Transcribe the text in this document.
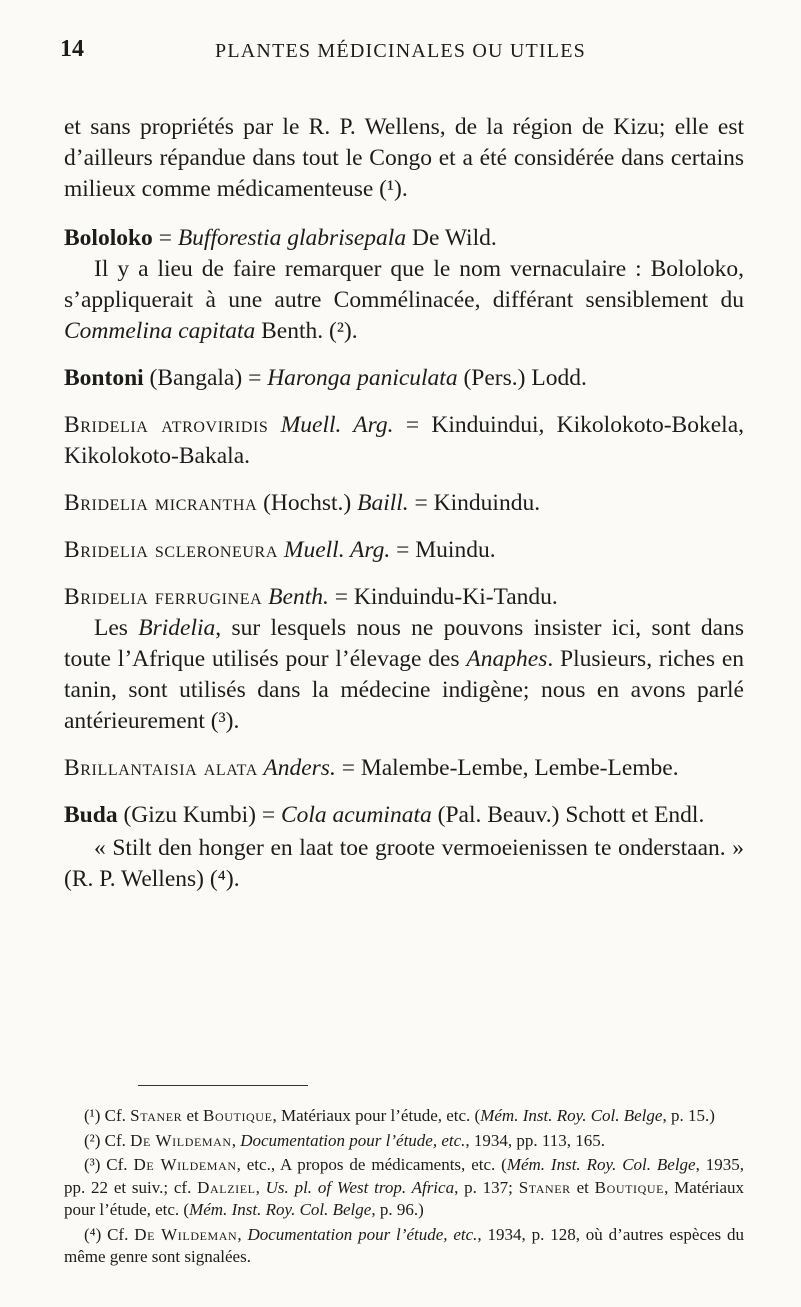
14	PLANTES MÉDICINALES OU UTILES

et sans propriétés par le R. P. Wellens, de la région de Kizu; elle est d’ailleurs répandue dans tout le Congo et a été considérée dans certains milieux comme médicamenteuse (¹).

Bololoko = Bufforestia glabrisepala De Wild.

Il y a lieu de faire remarquer que le nom vernaculaire : Bololoko, s’appliquerait à une autre Commélinacée, différant sensiblement du Commelina capitata Benth. (²).

Bontoni (Bangala) = Haronga paniculata (Pers.) Lodd.

Bridelia atroviridis Muell. Arg. = Kinduindui, Kikolokoto-Bokela, Kikolokoto-Bakala.

Bridelia micrantha (Hochst.) Baill. = Kinduindu.

Bridelia scleroneura Muell. Arg. = Muindu.

Bridelia ferruginea Benth. = Kinduindu-Ki-Tandu.

Les Bridelia, sur lesquels nous ne pouvons insister ici, sont dans toute l’Afrique utilisés pour l’élevage des Anaphes. Plusieurs, riches en tanin, sont utilisés dans la médecine indigène; nous en avons parlé antérieurement (³).

Brillantaisia alata Anders. = Malembe-Lembe, Lembe-Lembe.

Buda (Gizu Kumbi) = Cola acuminata (Pal. Beauv.) Schott et Endl.

« Stilt den honger en laat toe groote vermoeienissen te onderstaan. » (R. P. Wellens) (⁴).

(¹) Cf. Staner et Boutique, Matériaux pour l’étude, etc. (Mém. Inst. Roy. Col. Belge, p. 15.)

(²) Cf. De Wildeman, Documentation pour l’étude, etc., 1934, pp. 113, 165.

(³) Cf. De Wildeman, etc., A propos de médicaments, etc. (Mém. Inst. Roy. Col. Belge, 1935, pp. 22 et suiv.; cf. Dalziel, Us. pl. of West trop. Africa, p. 137; Staner et Boutique, Matériaux pour l’étude, etc. (Mém. Inst. Roy. Col. Belge, p. 96.)

(⁴) Cf. De Wildeman, Documentation pour l’étude, etc., 1934, p. 128, où d’autres espèces du même genre sont signalées.
